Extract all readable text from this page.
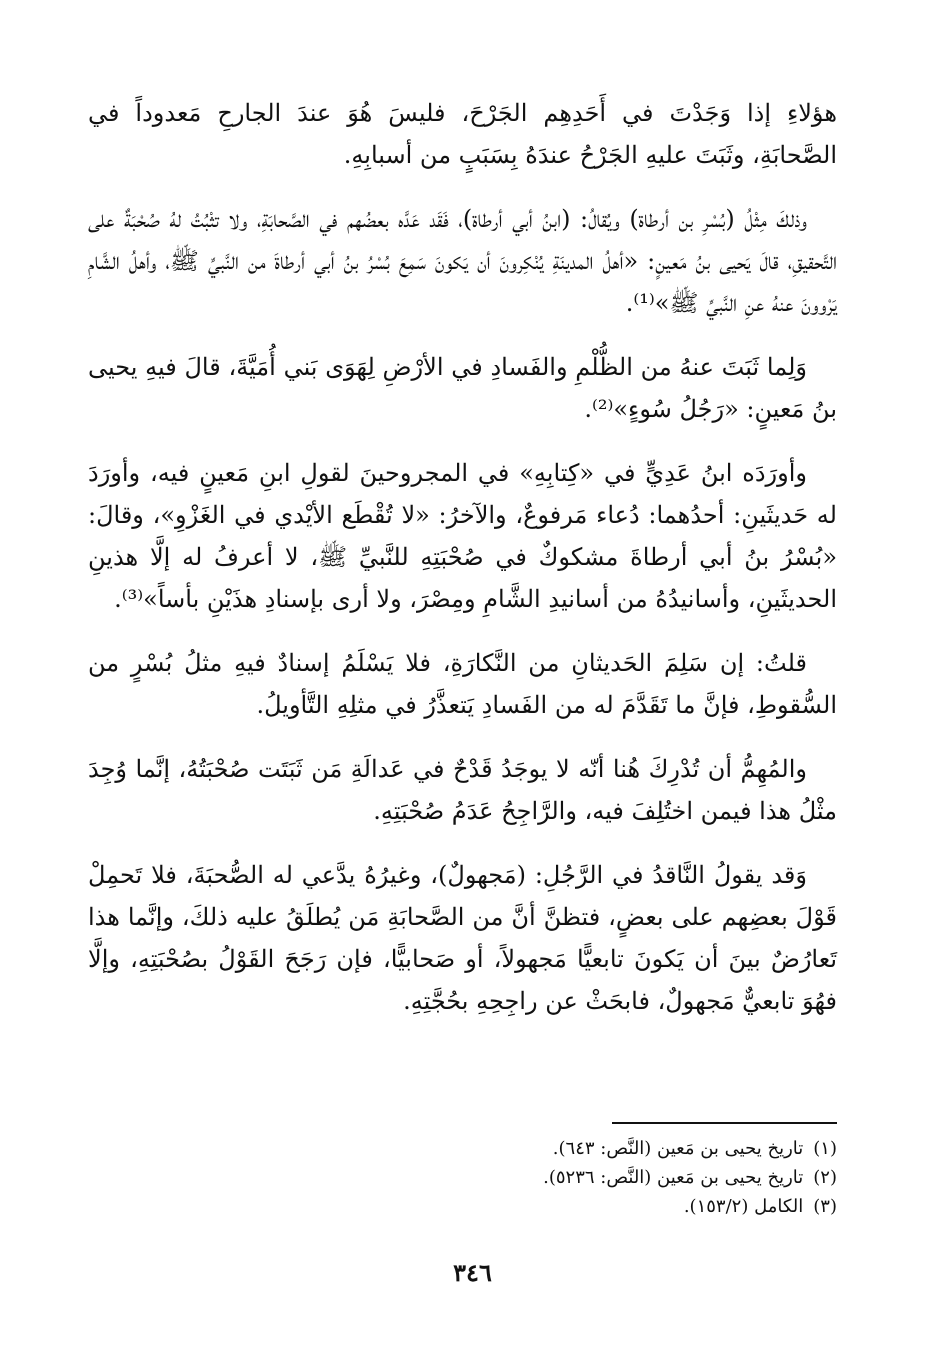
هؤلاءِ إذا وَجَدْتَ في أَحَدِهِم الجَرْحَ، فليسَ هُوَ عندَ الجارحِ مَعدوداً في الصَّحابَةِ، وثَبَتَ عليهِ الجَرْحُ عندَهُ بِسَبَبٍ من أسبابِهِ.

وذلكَ مِثْلُ (بُسْرِ بن أرطاة) ويُقالُ: (ابنُ أبي أرطاة)، فَقَد عَدَّه بعضُهم في الصَّحابَةِ، ولا تثْبُتُ لهُ صُحْبَةٌ على التَّحقيقِ، قالَ يَحيى بنُ مَعينٍ: «أهلُ المدينَةِ يُنْكِرونَ أن يَكونَ سَمِعَ بُسْرُ بنُ أبي أرطاةَ من النَّبيِّ ﷺ، وأهلُ الشَّامِ يَرْوونَ عنهُ عنِ النَّبيِّ ﷺ»⁽¹⁾.

وَلِما ثَبَتَ عنهُ من الظُّلْمِ والفَسادِ في الأرْضِ لِهَوَى بَني أُمَيَّةَ، قالَ فيهِ يحيى بنُ مَعينٍ: «رَجُلُ سُوءٍ»⁽²⁾.

وأورَدَه ابنُ عَدِيٍّ في «كِتابِهِ» في المجروحينَ لقولِ ابنِ مَعينٍ فيه، وأورَدَ له حَديثَينِ: أحدُهما: دُعاء مَرفوعٌ، والآخرُ: «لا تُقْطَع الأيْدي في الغَزْوِ»، وقالَ: «بُسْرُ بنُ أبي أرطاةَ مشكوكٌ في صُحْبَتِهِ للنَّبيِّ ﷺ، لا أعرفُ له إلَّا هذينِ الحديثَينِ، وأسانيدُهُ من أسانيدِ الشَّامِ ومِصْرَ، ولا أرى بإسنادِ هذَيْنِ بأساً»⁽³⁾.

قلتُ: إن سَلِمَ الحَديثانِ من النَّكارَةِ، فلا يَسْلَمُ إسنادٌ فيهِ مثلُ بُسْرٍ من السُّقوطِ، فإنَّ ما تَقَدَّمَ له من الفَسادِ يَتعذَّرُ في مثلِهِ التَّأويلُ.

والمُهِمُّ أن تُدْرِكَ هُنا أنّه لا يوجَدُ قَدْحٌ في عَدالَةِ مَن ثَبَتَت صُحْبَتُهُ، إنَّما وُجِدَ مثْلُ هذا فيمن اختُلِفَ فيه، والرَّاجِحُ عَدَمُ صُحْبَتِهِ.

وَقد يقولُ النَّاقدُ في الرَّجُلِ: (مَجهولٌ)، وغيرُهُ يدَّعي له الصُّحبَةَ، فلا تَحمِلْ قَوْلَ بعضِهم على بعضٍ، فتظنَّ أنَّ من الصَّحابَةِ مَن يُطلَقُ عليه ذلكَ، وإنَّما هذا تَعارُضٌ بينَ أن يَكونَ تابعيًّا مَجهولاً، أو صَحابيًّا، فإن رَجَحَ القَوْلُ بصُحْبَتِهِ، وإلَّا فهُوَ تابعيٌّ مَجهولٌ، فابحَثْ عن راجِحِهِ بحُجَّتِهِ.

(١)تاريخ يحيى بن مَعين (النَّص: ٦٤٣).
(٢)تاريخ يحيى بن مَعين (النَّص: ٥٢٣٦).
(٣)الكامل (١٥٣/٢).
٣٤٦
